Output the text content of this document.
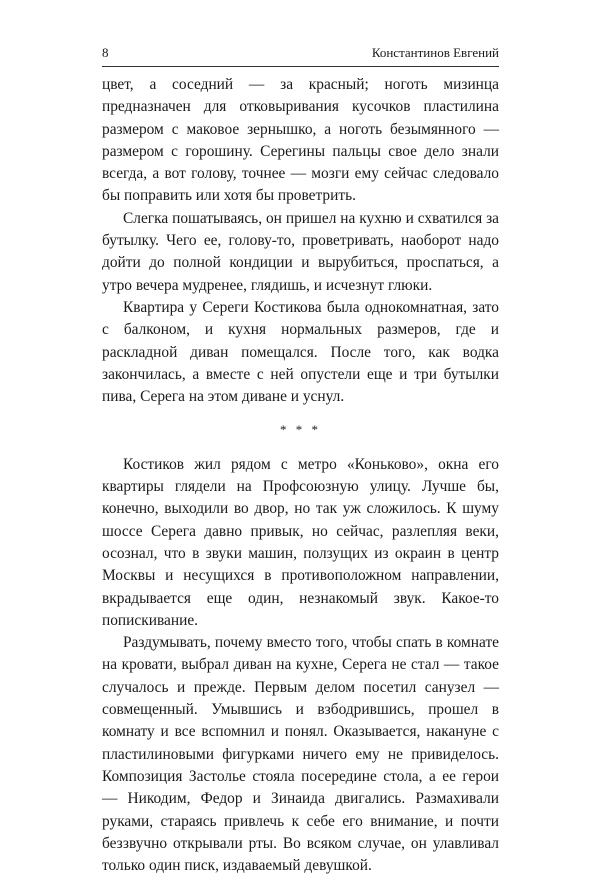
8	Константинов Евгений

цвет, а соседний — за красный; ноготь мизинца предназначен для отковыривания кусочков пластилина размером с маковое зернышко, а ноготь безымянного — размером с горошину. Серегины пальцы свое дело знали всегда, а вот голову, точнее — мозги ему сейчас следовало бы поправить или хотя бы проветрить.

Слегка пошатываясь, он пришел на кухню и схватился за бутылку. Чего ее, голову-то, проветривать, наоборот надо дойти до полной кондиции и вырубиться, проспаться, а утро вечера мудренее, глядишь, и исчезнут глюки.

Квартира у Сереги Костикова была однокомнатная, зато с балконом, и кухня нормальных размеров, где и раскладной диван помещался. После того, как водка закончилась, а вместе с ней опустели еще и три бутылки пива, Серега на этом диване и уснул.

* * *

Костиков жил рядом с метро «Коньково», окна его квартиры глядели на Профсоюзную улицу. Лучше бы, конечно, выходили во двор, но так уж сложилось. К шуму шоссе Серега давно привык, но сейчас, разлепляя веки, осознал, что в звуки машин, ползущих из окраин в центр Москвы и несущихся в противоположном направлении, вкрадывается еще один, незнакомый звук. Какое-то попискивание.

Раздумывать, почему вместо того, чтобы спать в комнате на кровати, выбрал диван на кухне, Серега не стал — такое случалось и прежде. Первым делом посетил санузел — совмещенный. Умывшись и взбодрившись, прошел в комнату и все вспомнил и понял. Оказывается, накануне с пластилиновыми фигурками ничего ему не привиделось. Композиция Застолье стояла посередине стола, а ее герои — Никодим, Федор и Зинаида двигались. Размахивали руками, стараясь привлечь к себе его внимание, и почти беззвучно открывали рты. Во всяком случае, он улавливал только один писк, издаваемый девушкой.
